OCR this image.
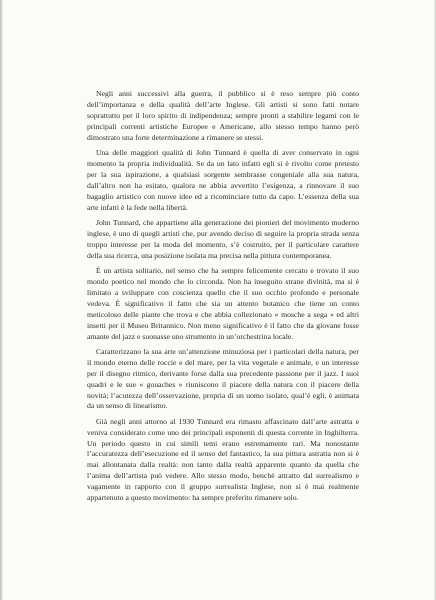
Negli anni successivi alla guerra, il pubblico si è reso sempre più conto dell’importanza e della qualità dell’arte Inglese. Gli artisti si sono fatti notare soprattutto per il loro spirito di indipendenza; sempre pronti a stabilire legami con le principali correnti artistiche Europee e Americane, allo stesso tempo hanno però dimostrato una forte determinazione a rimanere se stessi.

Una delle maggiori qualità di John Tunnard è quella di aver conservato in ogni momento la propria individualità. Se da un lato infatti egli si è rivolto come pretesto per la sua ispirazione, a qualsiasi sorgente sembrasse congeniale alla sua natura, dall’altro non ha esitato, qualora ne abbia avvertito l’esigenza, a rinnovare il suo bagaglio artistico con nuove idee ed a ricominciare tutto da capo. L’essenza della sua arte infatti è la fede nella libertà.

John Tunnard, che appartiene alla generazione dei pionieri del movimento moderno inglese, è uno di quegli artisti che, pur avendo deciso di seguire la propria strada senza troppo interesse per la moda del momento, s’è costruito, per il particolare carattere della sua ricerca, una posizione isolata ma precisa nella pittura contemporanea.

È un artista solitario, nel senso che ha sempre felicemente cercato e trovato il suo mondo poetico nel mondo che lo circonda. Non ha inseguito strane divinità, ma si è limitato a sviluppare con coscienza quello che il suo occhio profondo e personale vedeva. È significativo il fatto che sia un attento botanico che tiene un conto meticoloso delle piante che trova e che abbia collezionato « mosche a sega » ed altri insetti per il Museo Britannico. Non meno significativo è il fatto che da giovane fosse amante del jazz e suonasse uno strumento in un’orchestrina locale.

Caratterizzano la sua arte un’attenzione minuziosa per i particolari della natura, per il mondo eterno delle roccie e del mare, per la vita vegetale e animale, e un interesse per il disegno ritmico, derivante forse dalla sua precedente passione per il jazz. I suoi quadri e le sue « gouaches » riuniscono il piacere della natura con il piacere della novità; l’acutezza dell’osservazione, propria di un uomo isolato, qual’è egli, è animata da un senso di linearismo.

Già negli anni attorno al 1930 Tunnard era rimasto affascinato dall’arte astratta e veniva considerato come uno dei principali esponenti di questa corrente in Inghilterra. Un periodo questo in cui simili temi erano estremamente rari. Ma nonostante l’accuratezza dell’esecuzione ed il senso del fantastico, la sua pittura astratta non si è mai allontanata dalla realtà: non tanto dalla realtà apparente quanto da quella che l’anima dell’artista può vedere. Allo stesso modo, benchè attratto dal surrealismo e vagamente in rapporto con il gruppo surrealista Inglese, non si è mai realmente appartenuto a questo movimento: ha sempre preferito rimanere solo.
